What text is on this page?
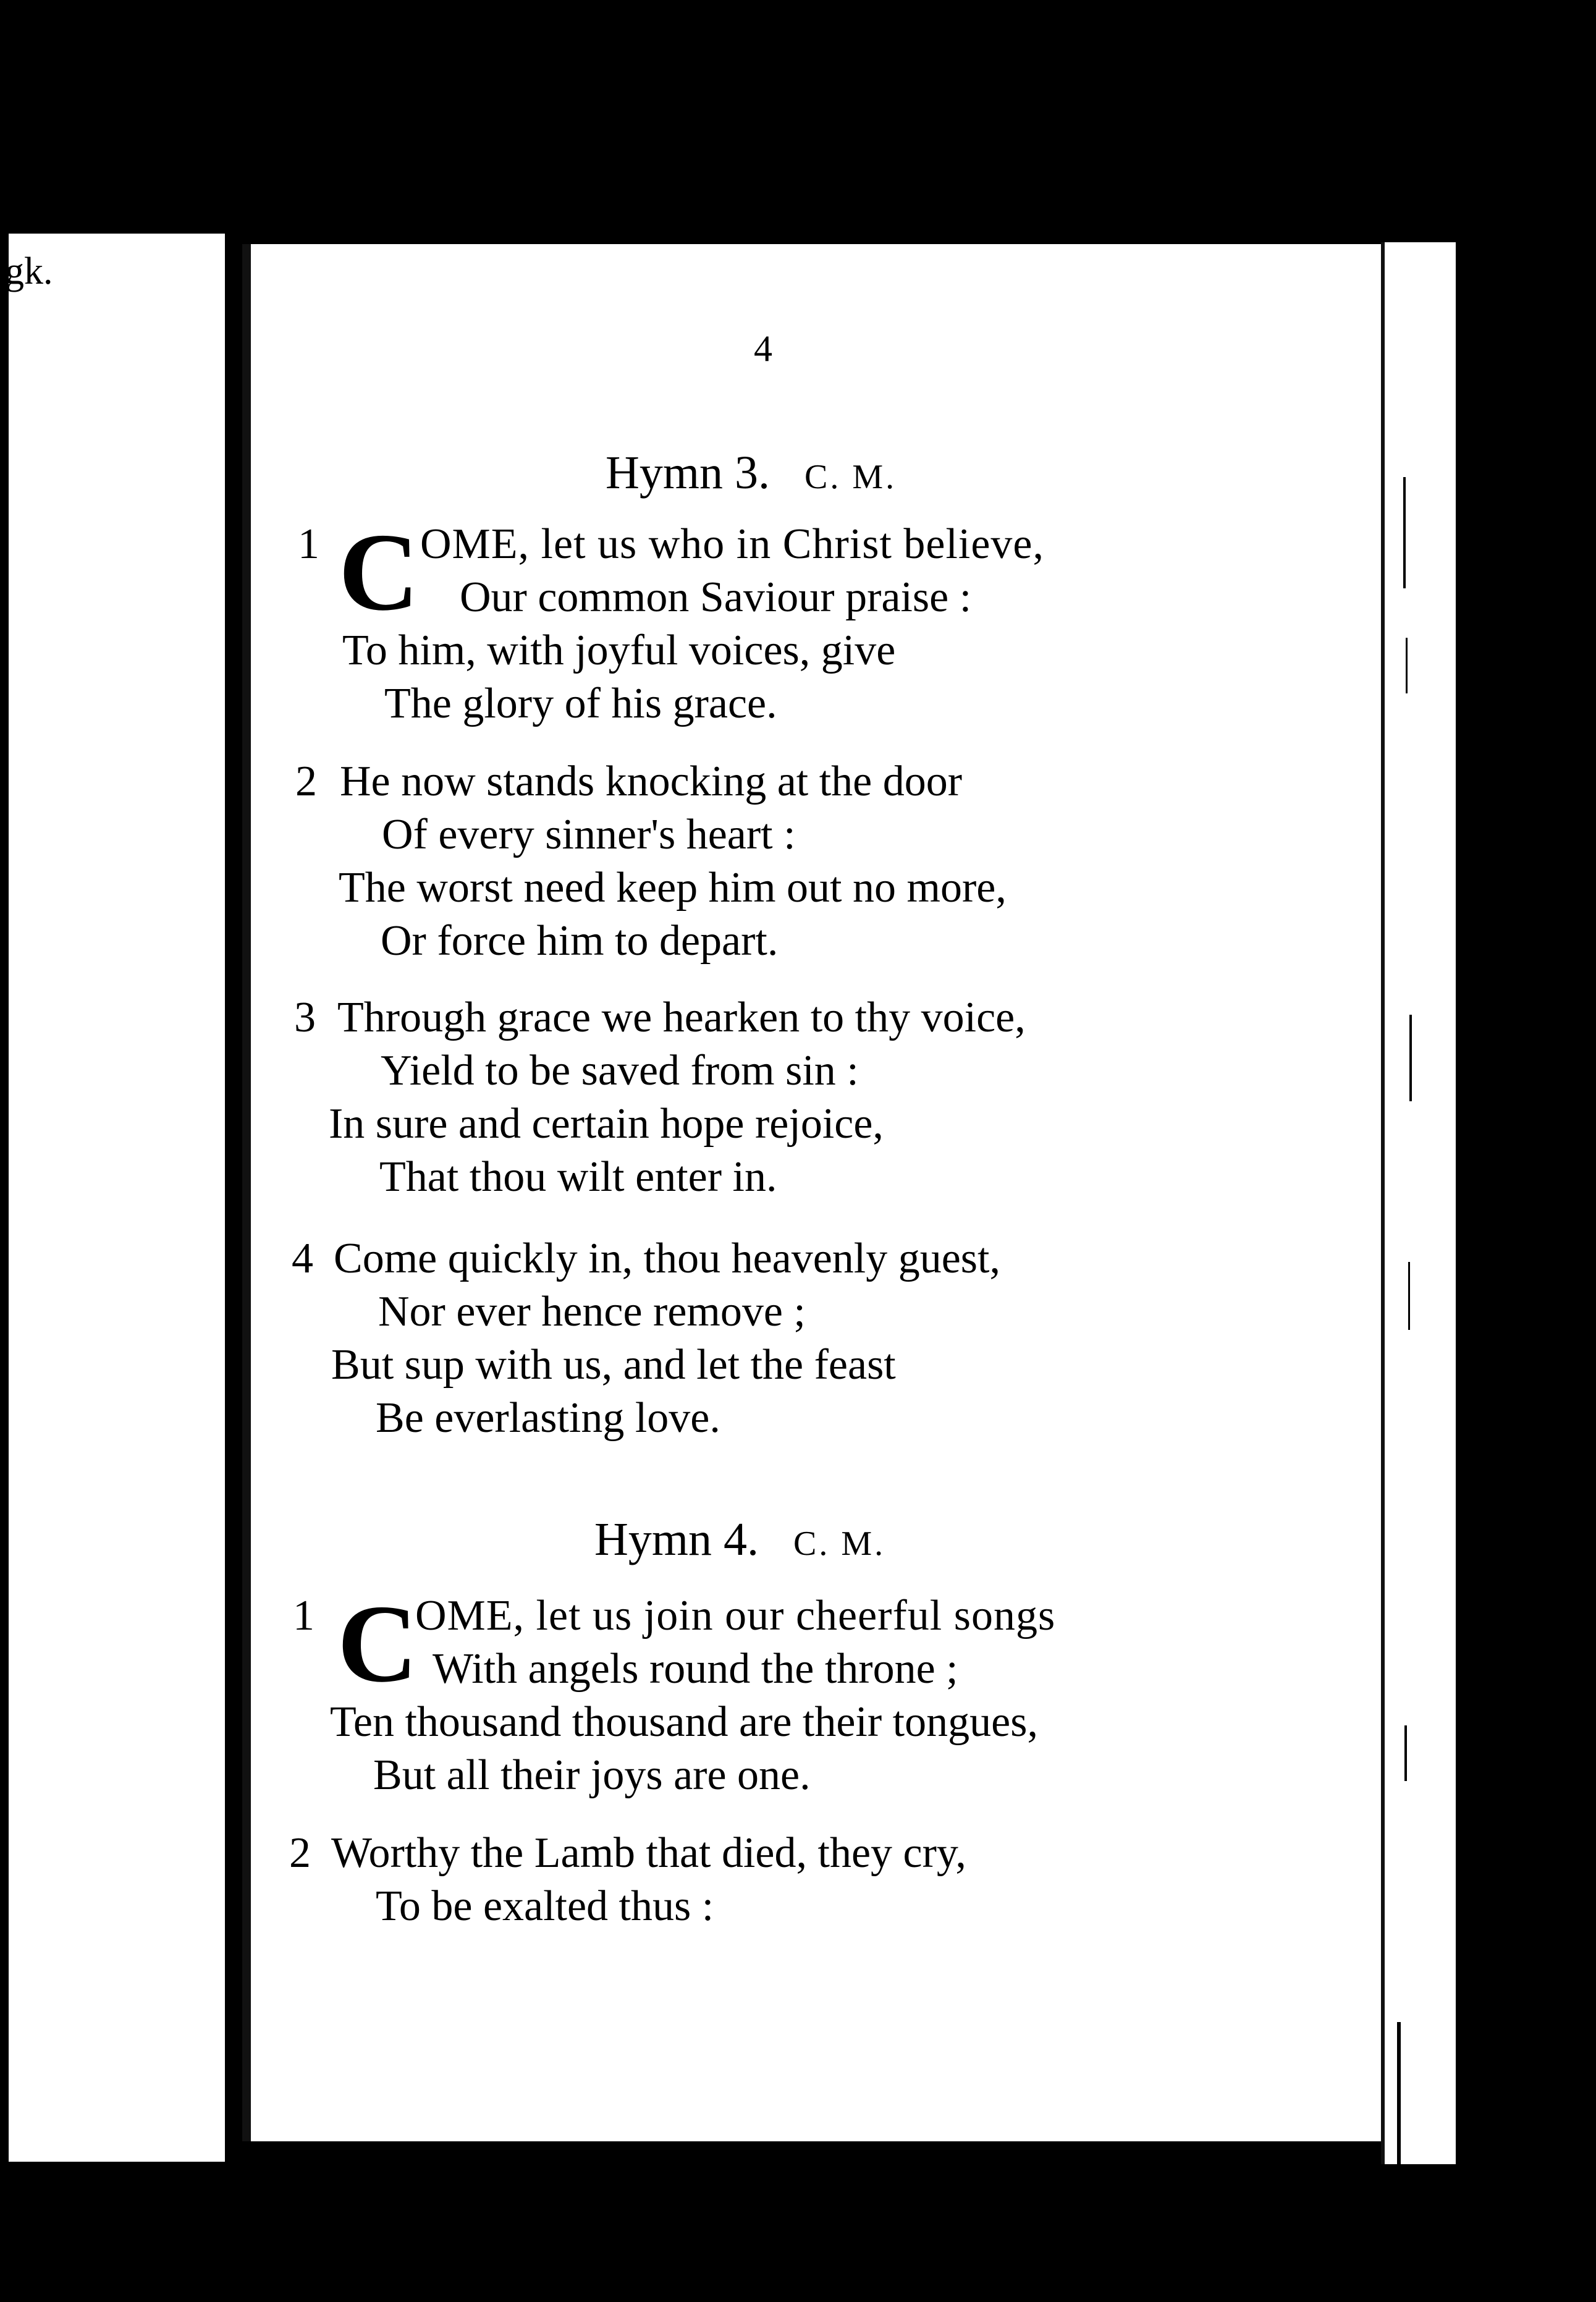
gk.
4
Hymn 3. C. M.
C
1 OME, let us who in Christ believe,
Our common Saviour praise :
To him, with joyful voices, give
The glory of his grace.
2 He now stands knocking at the door
Of every sinner's heart :
The worst need keep him out no more,
Or force him to depart.
3 Through grace we hearken to thy voice,
Yield to be saved from sin :
In sure and certain hope rejoice,
That thou wilt enter in.
4 Come quickly in, thou heavenly guest,
Nor ever hence remove ;
But sup with us, and let the feast
Be everlasting love.
Hymn 4. C. M.
C
1 OME, let us join our cheerful songs
With angels round the throne ;
Ten thousand thousand are their tongues,
But all their joys are one.
2 Worthy the Lamb that died, they cry,
To be exalted thus :
